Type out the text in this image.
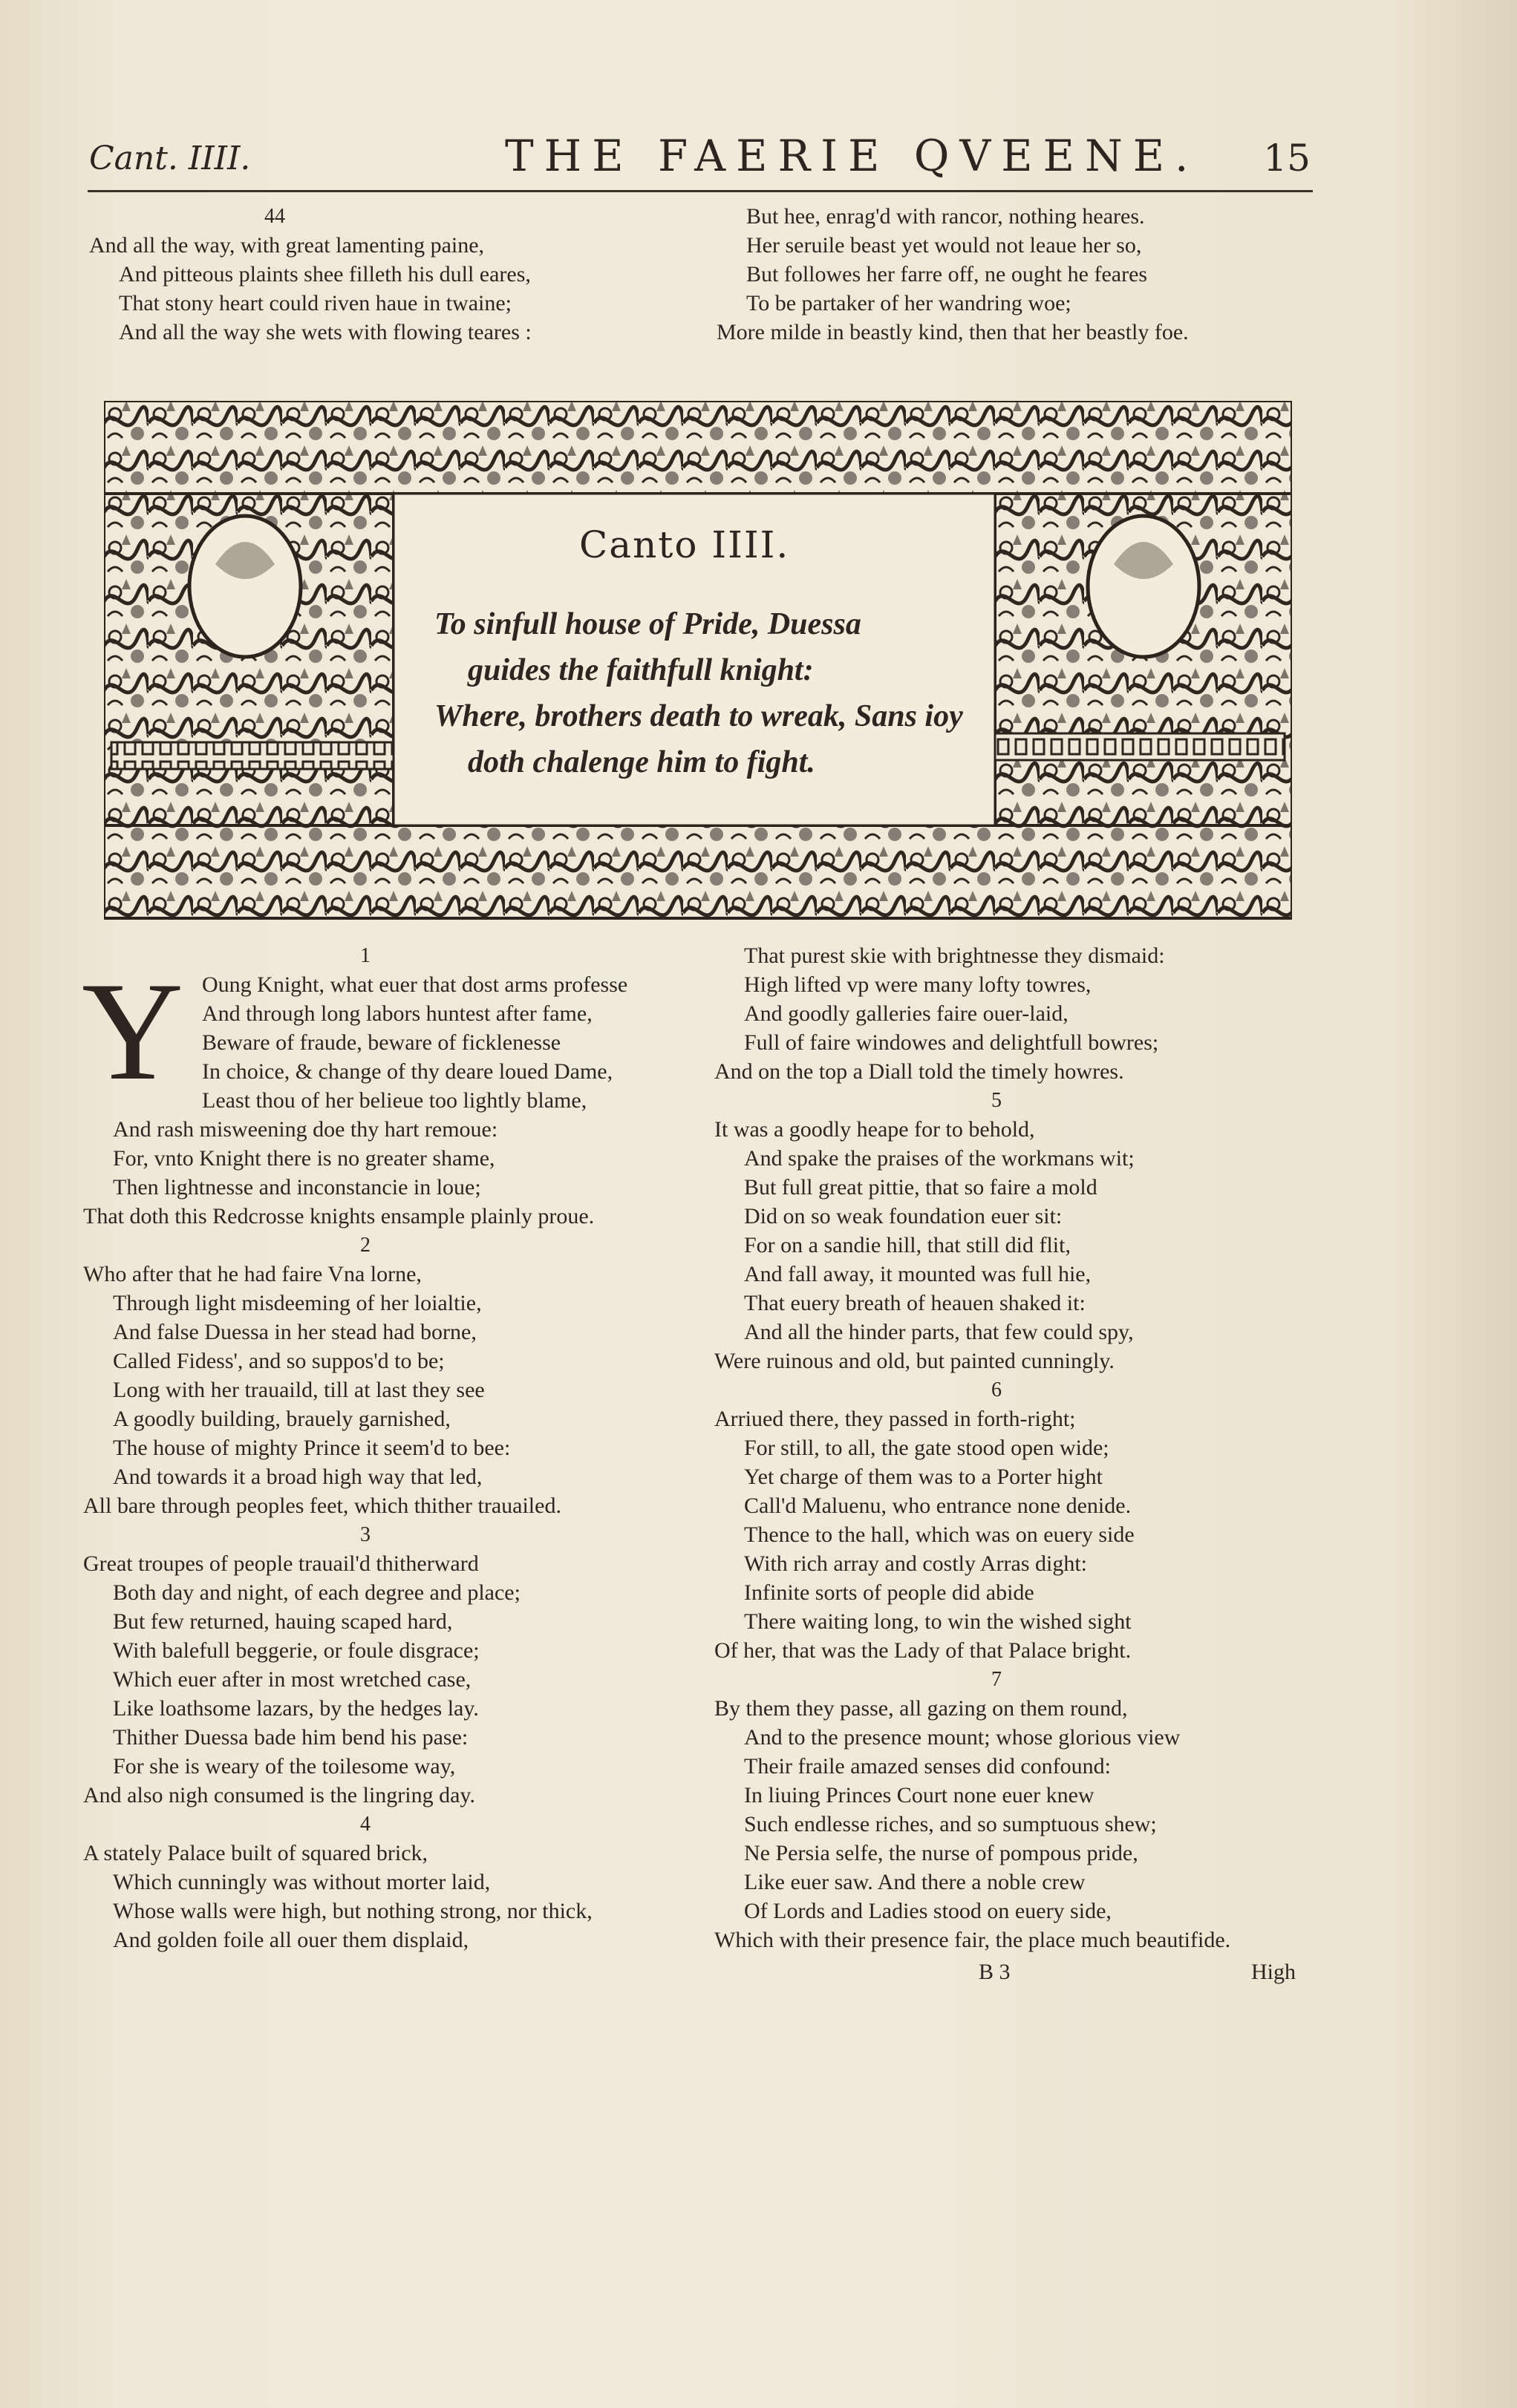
Cant. IIII.	THE FAERIE QVEENE. 15
44
And all the way, with great lamenting paine,
And pitteous plaints shee filleth his dull eares,
That stony heart could riven haue in twaine;
And all the way she wets with flowing teares :
But hee, enrag'd with rancor, nothing heares.
Her seruile beast yet would not leaue her so,
But followes her farre off, ne ought he feares
To be partaker of her wandring woe;
More milde in beastly kind, then that her beastly foe.
Canto IIII.
To sinfull house of Pride, Duessa
guides the faithfull knight:
Where, brothers death to wreak, Sans ioy
doth chalenge him to fight.
Y	1
Oung Knight, what euer that dost arms professe
And through long labors huntest after fame,
Beware of fraude, beware of ficklenesse
In choice, & change of thy deare loued Dame,
Least thou of her belieue too lightly blame,
And rash misweening doe thy hart remoue:
For, vnto Knight there is no greater shame,
Then lightnesse and inconstancie in loue;
That doth this Redcrosse knights ensample plainly proue.
2
Who after that he had faire Vna lorne,
Through light misdeeming of her loialtie,
And false Duessa in her stead had borne,
Called Fidess', and so suppos'd to be;
Long with her trauaild, till at last they see
A goodly building, brauely garnished,
The house of mighty Prince it seem'd to bee:
And towards it a broad high way that led,
All bare through peoples feet, which thither trauailed.
3
Great troupes of people trauail'd thitherward
Both day and night, of each degree and place;
But few returned, hauing scaped hard,
With balefull beggerie, or foule disgrace;
Which euer after in most wretched case,
Like loathsome lazars, by the hedges lay.
Thither Duessa bade him bend his pase:
For she is weary of the toilesome way,
And also nigh consumed is the lingring day.
4
A stately Palace built of squared brick,
Which cunningly was without morter laid,
Whose walls were high, but nothing strong, nor thick,
And golden foile all ouer them displaid,
That purest skie with brightnesse they dismaid:
High lifted vp were many lofty towres,
And goodly galleries faire ouer-laid,
Full of faire windowes and delightfull bowres;
And on the top a Diall told the timely howres.
5
It was a goodly heape for to behold,
And spake the praises of the workmans wit;
But full great pittie, that so faire a mold
Did on so weak foundation euer sit:
For on a sandie hill, that still did flit,
And fall away, it mounted was full hie,
That euery breath of heauen shaked it:
And all the hinder parts, that few could spy,
Were ruinous and old, but painted cunningly.
6
Arriued there, they passed in forth-right;
For still, to all, the gate stood open wide;
Yet charge of them was to a Porter hight
Call'd Maluenu, who entrance none denide.
Thence to the hall, which was on euery side
With rich array and costly Arras dight:
Infinite sorts of people did abide
There waiting long, to win the wished sight
Of her, that was the Lady of that Palace bright.
7
By them they passe, all gazing on them round,
And to the presence mount; whose glorious view
Their fraile amazed senses did confound:
In liuing Princes Court none euer knew
Such endlesse riches, and so sumptuous shew;
Ne Persia selfe, the nurse of pompous pride,
Like euer saw. And there a noble crew
Of Lords and Ladies stood on euery side,
Which with their presence fair, the place much beautifide.
B 3	High
